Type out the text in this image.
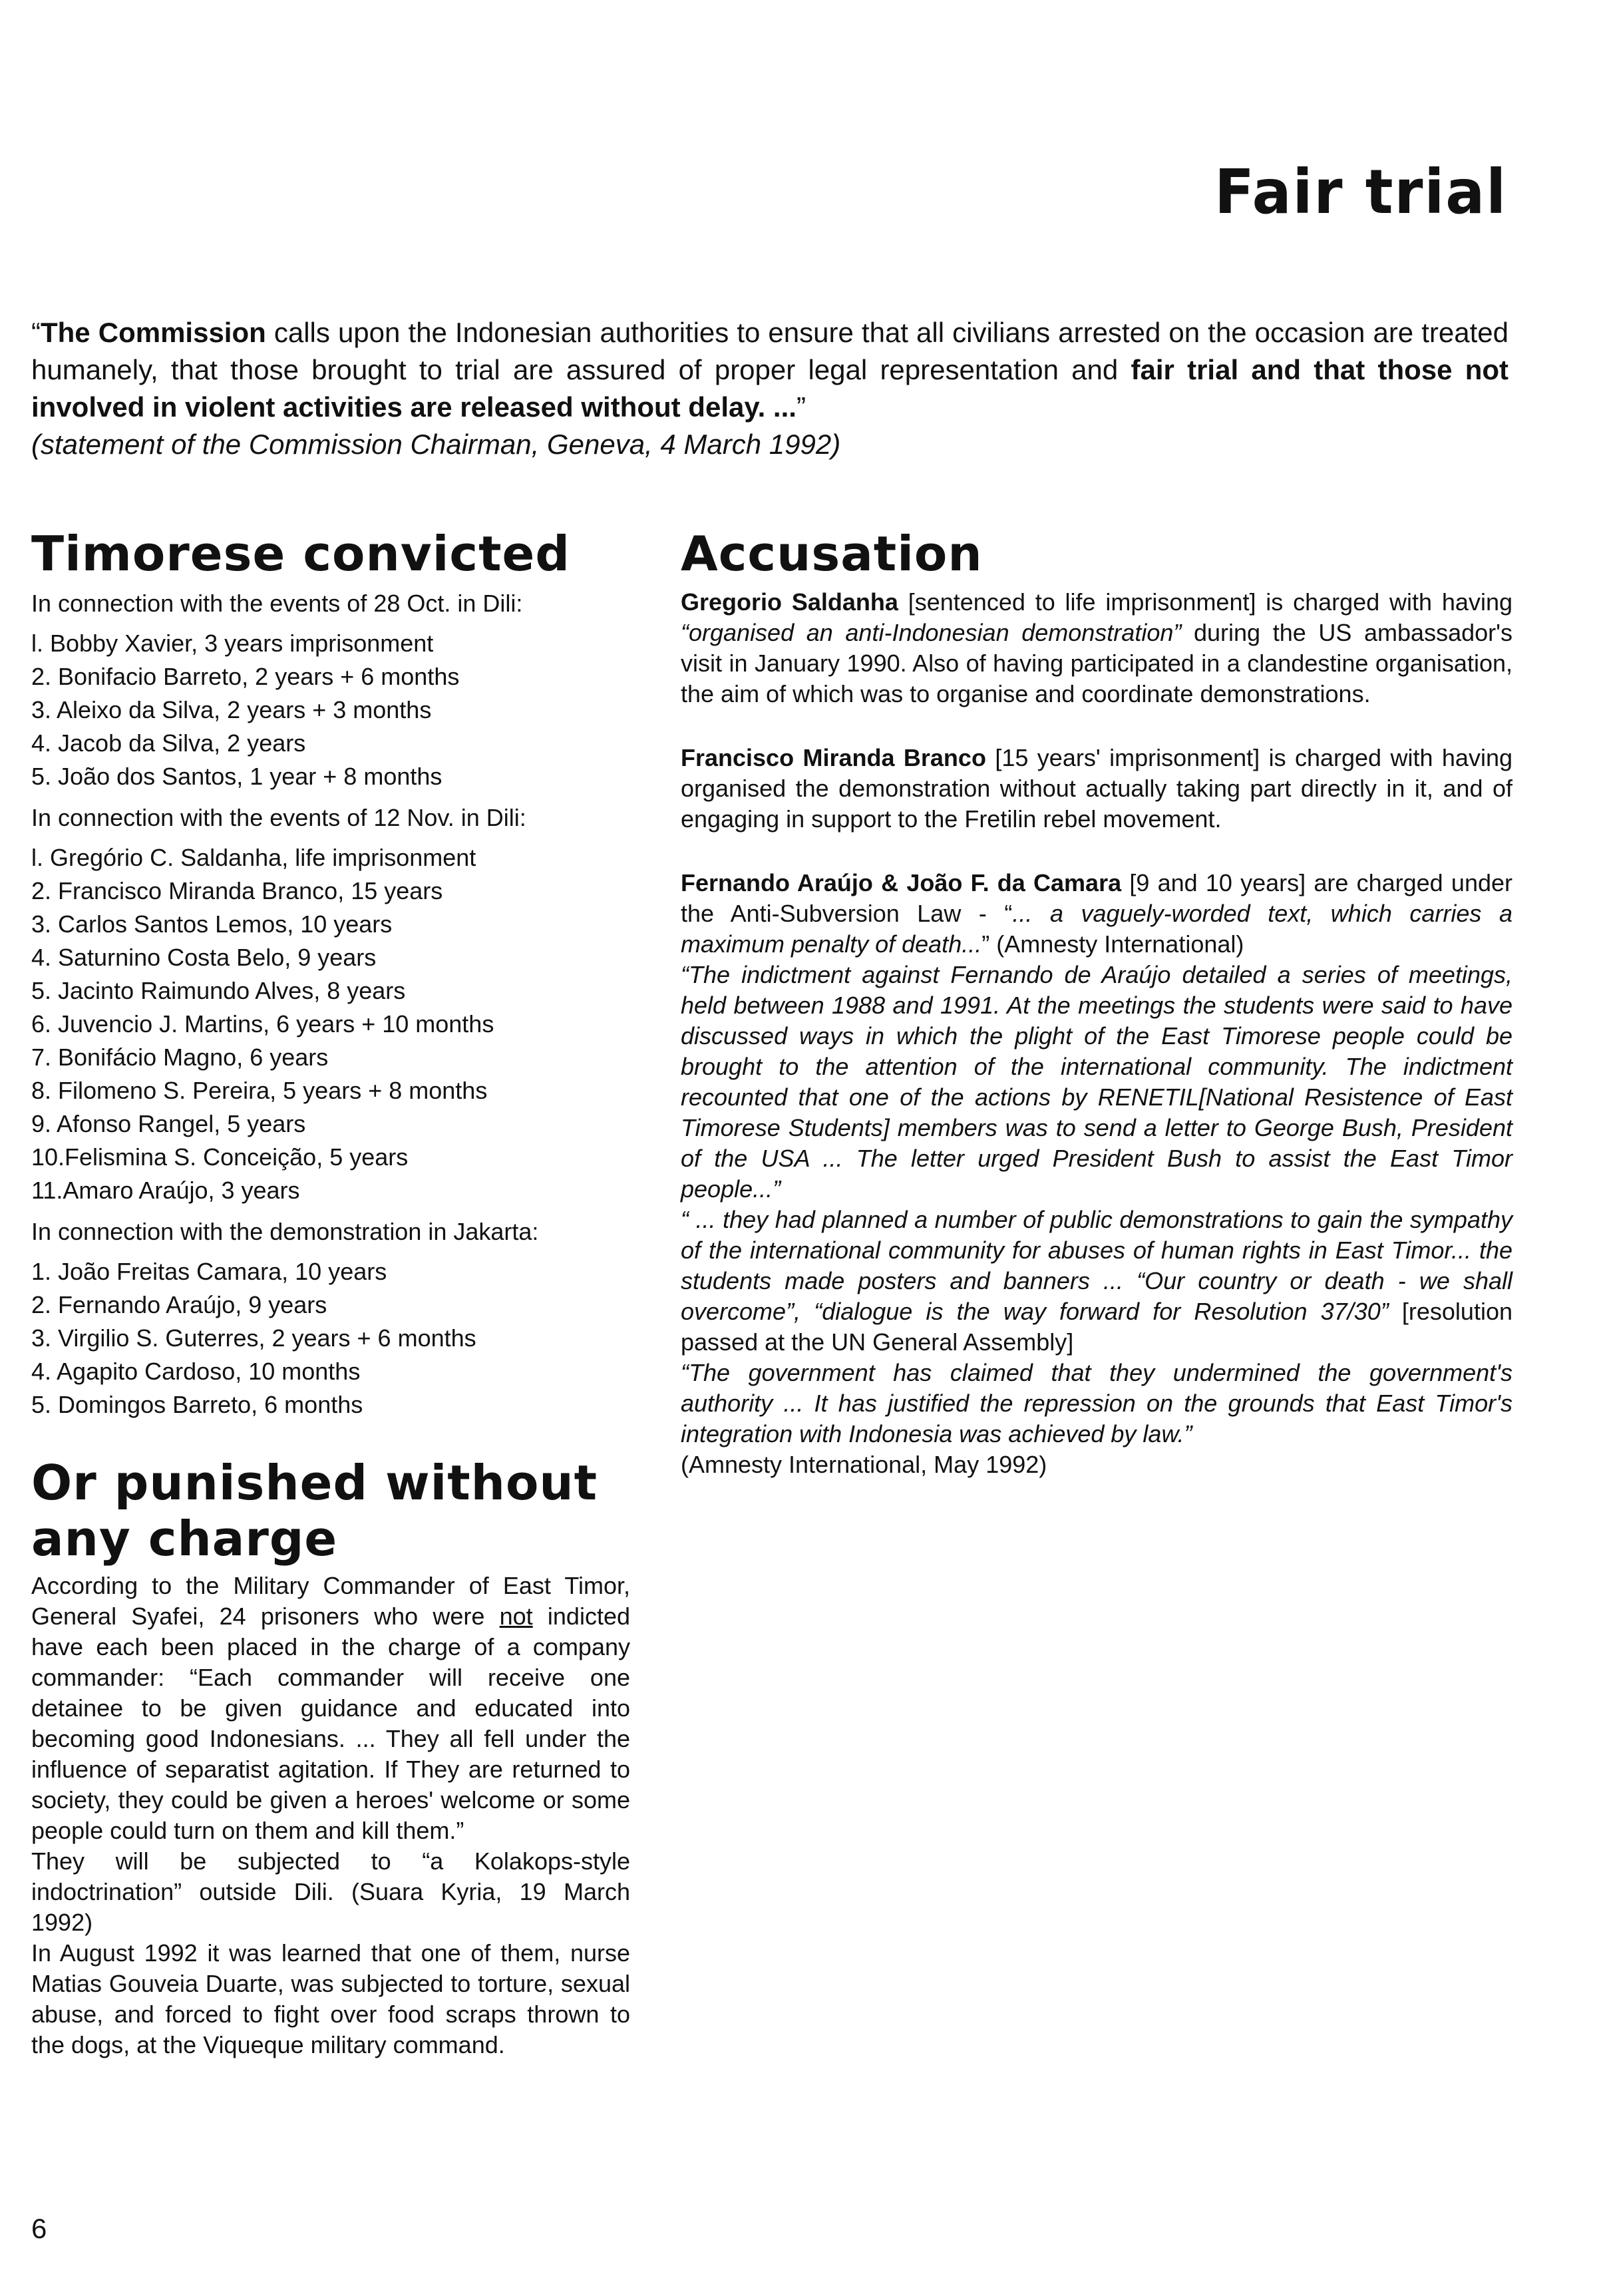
Fair trial

“The Commission calls upon the Indonesian authorities to ensure that all civilians arrested on the occasion are treated humanely, that those brought to trial are assured of proper legal representation and fair trial and that those not involved in violent activities are released without delay. ...”

(statement of the Commission Chairman, Geneva, 4 March 1992)

Timorese convicted

In connection with the events of 28 Oct. in Dili:

l. Bobby Xavier, 3 years imprisonment
2. Bonifacio Barreto, 2 years + 6 months
3. Aleixo da Silva, 2 years + 3 months
4. Jacob da Silva, 2 years
5. João dos Santos, 1 year + 8 months

In connection with the events of 12 Nov. in Dili:

l. Gregório C. Saldanha, life imprisonment
2. Francisco Miranda Branco, 15 years
3. Carlos Santos Lemos, 10 years
4. Saturnino Costa Belo, 9 years
5. Jacinto Raimundo Alves, 8 years
6. Juvencio J. Martins, 6 years + 10 months
7. Bonifácio Magno, 6 years
8. Filomeno S. Pereira, 5 years + 8 months
9. Afonso Rangel, 5 years
10.Felismina S. Conceição, 5 years
11.Amaro Araújo, 3 years

In connection with the demonstration in Jakarta:

1. João Freitas Camara, 10 years
2. Fernando Araújo, 9 years
3. Virgilio S. Guterres, 2 years + 6 months
4. Agapito Cardoso, 10 months
5. Domingos Barreto, 6 months
Or punished without any charge

According to the Military Commander of East Timor, General Syafei, 24 prisoners who were not indicted have each been placed in the charge of a company commander: “Each commander will receive one detainee to be given guidance and educated into becoming good Indonesians. ... They all fell under the influence of separatist agitation. If They are returned to society, they could be given a heroes' welcome or some people could turn on them and kill them.”

They will be subjected to “a Kolakops-style indoctrination” outside Dili. (Suara Kyria, 19 March 1992)

In August 1992 it was learned that one of them, nurse Matias Gouveia Duarte, was subjected to torture, sexual abuse, and forced to fight over food scraps thrown to the dogs, at the Viqueque military command.

Accusation

Gregorio Saldanha [sentenced to life imprisonment] is charged with having “organised an anti-Indonesian demonstration” during the US ambassador's visit in January 1990. Also of having participated in a clandestine organisation, the aim of which was to organise and coordinate demonstrations.

Francisco Miranda Branco [15 years' imprisonment] is charged with having organised the demonstration without actually taking part directly in it, and of engaging in support to the Fretilin rebel movement.

Fernando Araújo & João F. da Camara [9 and 10 years] are charged under the Anti-Subversion Law - “... a vaguely-worded text, which carries a maximum penalty of death...” (Amnesty International)

“The indictment against Fernando de Araújo detailed a series of meetings, held between 1988 and 1991. At the meetings the students were said to have discussed ways in which the plight of the East Timorese people could be brought to the attention of the international community. The indictment recounted that one of the actions by RENETIL[National Resistence of East Timorese Students] members was to send a letter to George Bush, President of the USA ... The letter urged President Bush to assist the East Timor people...”

“ ... they had planned a number of public demonstrations to gain the sympathy of the international community for abuses of human rights in East Timor... the students made posters and banners ... “Our country or death - we shall overcome”, “dialogue is the way forward for Resolution 37/30” [resolution passed at the UN General Assembly]

“The government has claimed that they undermined the government's authority ... It has justified the repression on the grounds that East Timor's integration with Indonesia was achieved by law.”

(Amnesty International, May 1992)

6
